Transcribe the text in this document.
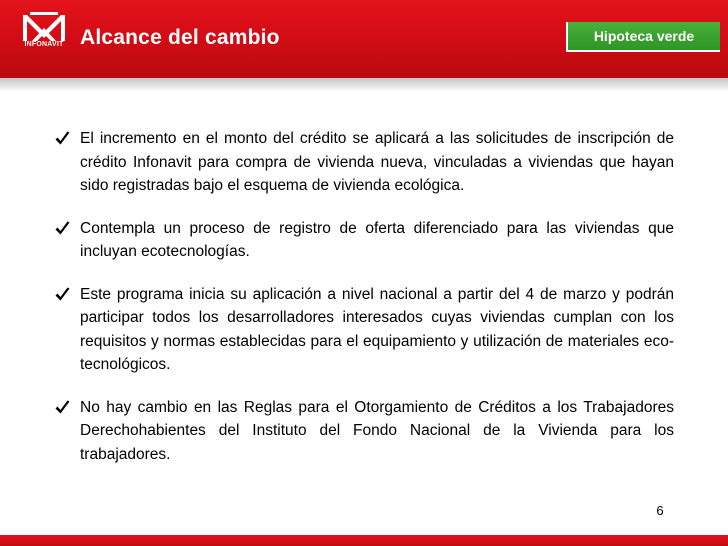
INFONAVIT Alcance del cambio	Hipoteca verde

El incremento en el monto del crédito se aplicará a las solicitudes de inscripción de crédito Infonavit para compra de vivienda nueva, vinculadas a viviendas que hayan sido registradas bajo el esquema de vivienda ecológica.

Contempla un proceso de registro de oferta diferenciado para las viviendas que incluyan ecotecnologías.

Este programa inicia su aplicación a nivel nacional a partir del 4 de marzo y podrán participar todos los desarrolladores interesados cuyas viviendas cumplan con los requisitos y normas establecidas para el equipamiento y utilización de materiales eco-tecnológicos.

No hay cambio en las Reglas para el Otorgamiento de Créditos a los Trabajadores Derechohabientes del Instituto del Fondo Nacional de la Vivienda para los trabajadores.

6
